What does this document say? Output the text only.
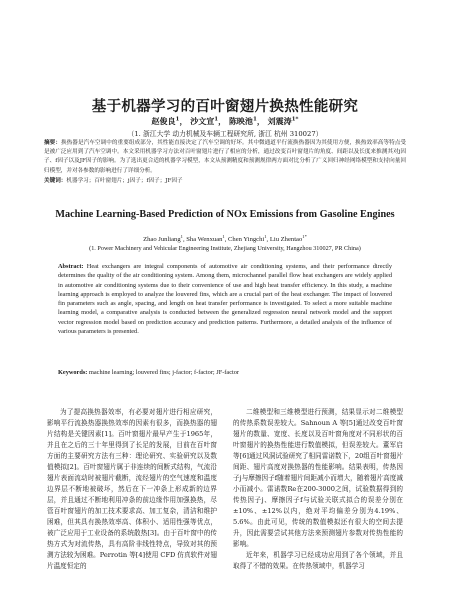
基于机器学习的百叶窗翅片换热性能研究
赵俊良$^1$， 沙文宣$^1$， 陈映池$^1$， 刘震涛$^{1*}$
（1. 浙江大学 动力机械及车辆工程研究所, 浙江 杭州 310027）
摘要：换热器是汽车空调中的重要组成部分，其性能直接决定了汽车空调的好坏。其中微通道平行流换热器因为其使用方便，换热效率高等特点受是被广泛应用到了汽车空调中。本文采用机器学习方法对百叶窗翅片进行了相应的分析，通过改变百叶窗翅片的角度、间距以及长度来推测其对j因子、f因子以及JF因子的影响。为了选出更合适的机器学习模型，本文从预测精度和预测规律两方面对比分析了广义回归神经网络模型和支持向量回归模型，并对各参数的影响进行了详细分析。
关键词：机器学习；百叶窗翅片；j因子；f因子；JF因子
Machine Learning-Based Prediction of NOx Emissions from Gasoline Engines
Zhao Junliang$^1$, Sha Wenxuan$^1$, Chen Yingchi$^1$, Liu Zhentao$^{1*}$
(1. Power Machinery and Vehicular Engineering Institute, Zhejiang University, Hangzhou 310027, PR China)
Abstract: Heat exchangers are integral components of automotive air conditioning systems, and their performance directly determines the quality of the air conditioning system. Among them, microchannel parallel flow heat exchangers are widely applied in automotive air conditioning systems due to their convenience of use and high heat transfer efficiency. In this study, a machine learning approach is employed to analyze the louvered fins, which are a crucial part of the heat exchanger. The impact of louvered fin parameters such as angle, spacing, and length on heat transfer performance is investigated. To select a more suitable machine learning model, a comparative analysis is conducted between the generalized regression neural network model and the support vector regression model based on prediction accuracy and prediction patterns. Furthermore, a detailed analysis of the influence of various parameters is presented.
Keywords: machine learning; louvered fins; j-factor; f-factor; JF-factor

为了提高换热器效率，有必要对翅片进行相应研究，影响平行流换热器换热效率的因素有很多，而换热器的翅片结构是关键因素[1]。百叶窗翅片最早产生于1965年，并且在之后的三十年里得到了长足的发展，目前在百叶窗方面的主要研究方法有三种：理论研究、实验研究以及数值模拟[2]。百叶窗翅片属于非连续的间断式结构，气流沿翅片表面流动时被翅片截断，流经翅片的空气速度和温度边界层不断地被破坏，然后在下一冲条上形成新的边界层，并且通过不断地利用冲条的前边缘作用加强换热，尽管百叶窗翅片的加工技术要求高、加工复杂，清洁和维护困难，但其具有换热效率高、体积小、适用性强等优点，被广泛应用于工业设备的系统散热[3]。由于百叶窗中的传热方式为对流传热，具有高阶非线性特点，导致对其的预测方法较为困难。Perrotin 等[4]使用 CFD 仿真软件对翅片温度恒定的

二维模型和三维模型进行预测，结果显示对二维模型的传热系数误差较大。Sahnoun A 等[5]通过改变百叶窗翅片的数量、宽度、长度以及百叶窗角度对不同形状的百叶窗翅片的换热性能进行数值模拟，但误差较大。董军启等[6]通过风洞试验研究了相同雷诺数下，20组百叶窗翅片间距、翅片高度对换热器的性能影响。结果表明，传热因子j与摩擦因子f随着翅片间距减小而增大，随着翅片高度减小而减小。雷诺数Re在200-3000之间，试验数据得到的传热因子j、摩擦因子f与试验关联式拟合的误差分别在±10%、±12%以内，绝对平均偏差分别为4.19%、5.6%。由此可见，传统的数值模拟还有很大的空间去提升，因此需要尝试其他方法来预测翅片参数对传热性能的影响。

近年来，机器学习已经成功应用到了各个领域，并且取得了不错的效果。在传热领域中，机器学习
